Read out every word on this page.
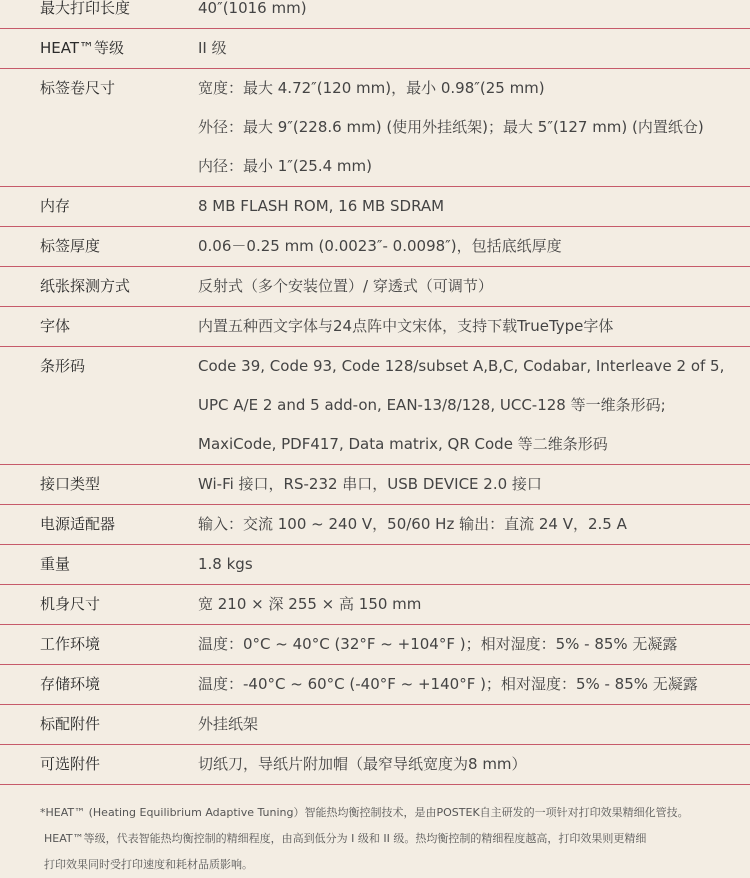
最大打印长度	40″(1016 mm)
HEAT™等级	II 级
标签卷尺寸	宽度：最大 4.72″(120 mm)，最小 0.98″(25 mm)
外径：最大 9″(228.6 mm) (使用外挂纸架)；最大 5″(127 mm) (内置纸仓)
内径：最小 1″(25.4 mm)
内存	8 MB FLASH ROM, 16 MB SDRAM
标签厚度	0.06－0.25 mm (0.0023″- 0.0098″)，包括底纸厚度
纸张探测方式	反射式（多个安装位置）/ 穿透式（可调节）
字体	内置五种西文字体与24点阵中文宋体，支持下载TrueType字体
条形码	Code 39, Code 93, Code 128/subset A,B,C, Codabar, Interleave 2 of 5,
UPC A/E 2 and 5 add-on, EAN-13/8/128, UCC-128 等一维条形码;
MaxiCode, PDF417, Data matrix, QR Code 等二维条形码
接口类型	Wi-Fi 接口，RS-232 串口，USB DEVICE 2.0 接口
电源适配器	输入：交流 100 ~ 240 V，50/60 Hz 输出：直流 24 V，2.5 A
重量	1.8 kgs
机身尺寸	宽 210 × 深 255 × 高 150 mm
工作环境	温度：0°C ~ 40°C (32°F ~ +104°F )；相对湿度：5% - 85% 无凝露
存储环境	温度：-40°C ~ 60°C (-40°F ~ +140°F )；相对湿度：5% - 85% 无凝露
标配附件	外挂纸架
可选附件	切纸刀，导纸片附加帽（最窄导纸宽度为8 mm）
*HEAT™ (Heating Equilibrium Adaptive Tuning）智能热均衡控制技术，是由POSTEK自主研发的一项针对打印效果精细化管技。
HEAT™等级，代表智能热均衡控制的精细程度，由高到低分为 I 级和 II 级。热均衡控制的精细程度越高，打印效果则更精细
打印效果同时受打印速度和耗材品质影响。
